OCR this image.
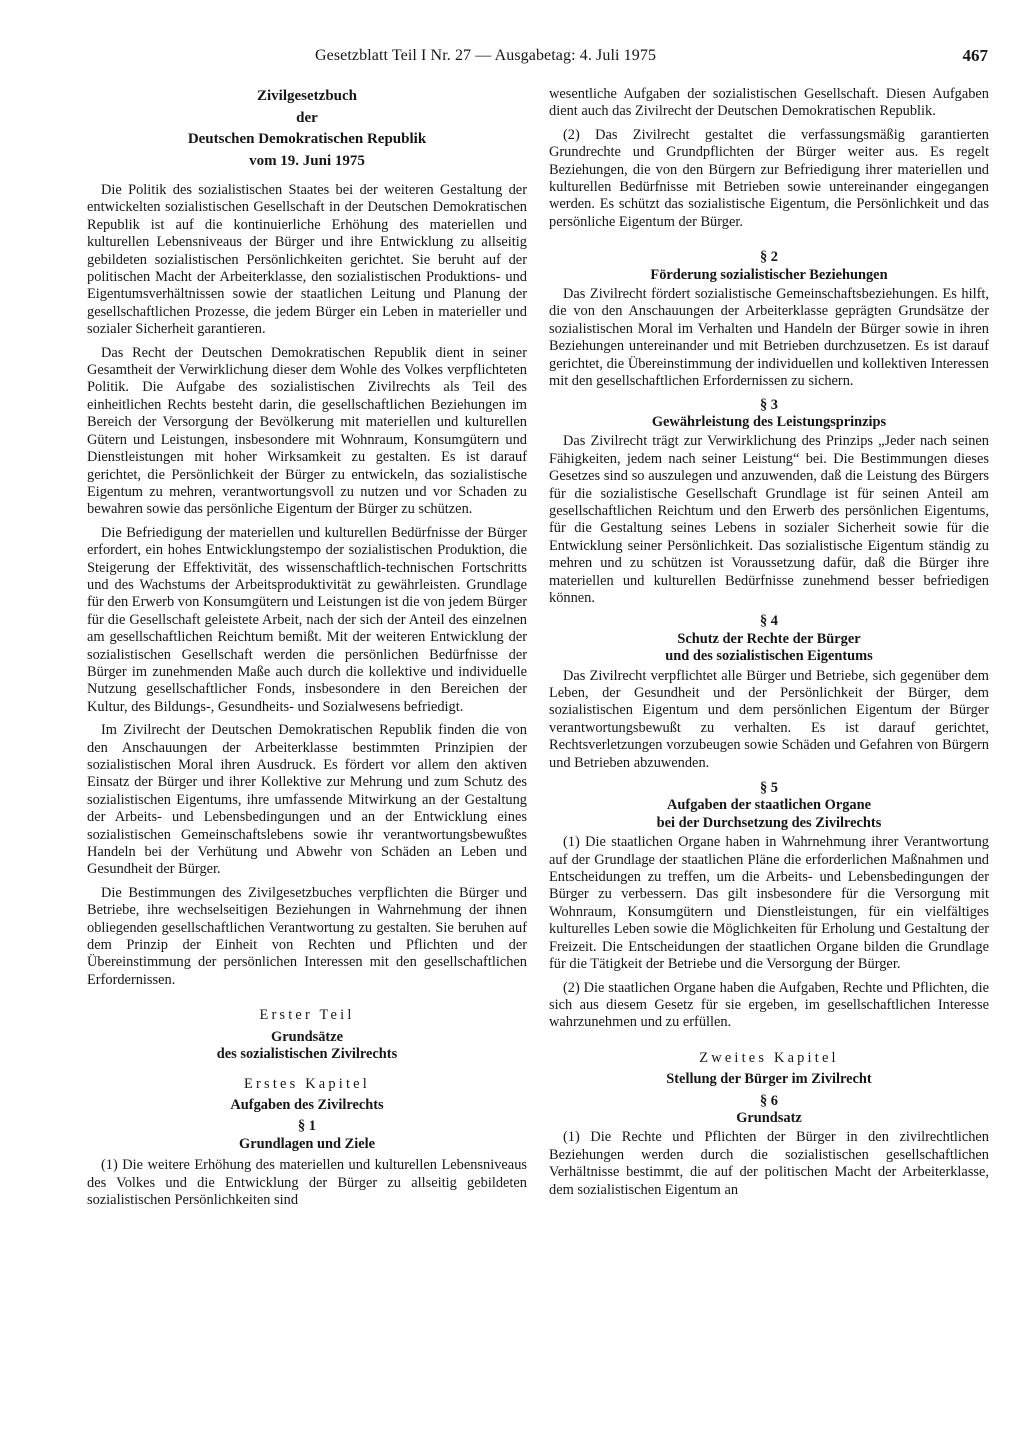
Gesetzblatt Teil I Nr. 27 — Ausgabetag: 4. Juli 1975	467
Zivilgesetzbuch
der
Deutschen Demokratischen Republik
vom 19. Juni 1975

Die Politik des sozialistischen Staates bei der weiteren Gestaltung der entwickelten sozialistischen Gesellschaft in der Deutschen Demokratischen Republik ist auf die kontinuierliche Erhöhung des materiellen und kulturellen Lebensniveaus der Bürger und ihre Entwicklung zu allseitig gebildeten sozialistischen Persönlichkeiten gerichtet. Sie beruht auf der politischen Macht der Arbeiterklasse, den sozialistischen Produktions- und Eigentumsverhältnissen sowie der staatlichen Leitung und Planung der gesellschaftlichen Prozesse, die jedem Bürger ein Leben in materieller und sozialer Sicherheit garantieren.

Das Recht der Deutschen Demokratischen Republik dient in seiner Gesamtheit der Verwirklichung dieser dem Wohle des Volkes verpflichteten Politik. Die Aufgabe des sozialistischen Zivilrechts als Teil des einheitlichen Rechts besteht darin, die gesellschaftlichen Beziehungen im Bereich der Versorgung der Bevölkerung mit materiellen und kulturellen Gütern und Leistungen, insbesondere mit Wohnraum, Konsumgütern und Dienstleistungen mit hoher Wirksamkeit zu gestalten. Es ist darauf gerichtet, die Persönlichkeit der Bürger zu entwickeln, das sozialistische Eigentum zu mehren, verantwortungsvoll zu nutzen und vor Schaden zu bewahren sowie das persönliche Eigentum der Bürger zu schützen.

Die Befriedigung der materiellen und kulturellen Bedürfnisse der Bürger erfordert, ein hohes Entwicklungstempo der sozialistischen Produktion, die Steigerung der Effektivität, des wissenschaftlich-technischen Fortschritts und des Wachstums der Arbeitsproduktivität zu gewährleisten. Grundlage für den Erwerb von Konsumgütern und Leistungen ist die von jedem Bürger für die Gesellschaft geleistete Arbeit, nach der sich der Anteil des einzelnen am gesellschaftlichen Reichtum bemißt. Mit der weiteren Entwicklung der sozialistischen Gesellschaft werden die persönlichen Bedürfnisse der Bürger im zunehmenden Maße auch durch die kollektive und individuelle Nutzung gesellschaftlicher Fonds, insbesondere in den Bereichen der Kultur, des Bildungs-, Gesundheits- und Sozialwesens befriedigt.

Im Zivilrecht der Deutschen Demokratischen Republik finden die von den Anschauungen der Arbeiterklasse bestimmten Prinzipien der sozialistischen Moral ihren Ausdruck. Es fördert vor allem den aktiven Einsatz der Bürger und ihrer Kollektive zur Mehrung und zum Schutz des sozialistischen Eigentums, ihre umfassende Mitwirkung an der Gestaltung der Arbeits- und Lebensbedingungen und an der Entwicklung eines sozialistischen Gemeinschaftslebens sowie ihr verantwortungsbewußtes Handeln bei der Verhütung und Abwehr von Schäden an Leben und Gesundheit der Bürger.

Die Bestimmungen des Zivilgesetzbuches verpflichten die Bürger und Betriebe, ihre wechselseitigen Beziehungen in Wahrnehmung der ihnen obliegenden gesellschaftlichen Verantwortung zu gestalten. Sie beruhen auf dem Prinzip der Einheit von Rechten und Pflichten und der Übereinstimmung der persönlichen Interessen mit den gesellschaftlichen Erfordernissen.

Erster Teil
Grundsätze
des sozialistischen Zivilrechts
Erstes Kapitel
Aufgaben des Zivilrechts
§ 1
Grundlagen und Ziele

(1) Die weitere Erhöhung des materiellen und kulturellen Lebensniveaus des Volkes und die Entwicklung der Bürger zu allseitig gebildeten sozialistischen Persönlichkeiten sind

wesentliche Aufgaben der sozialistischen Gesellschaft. Diesen Aufgaben dient auch das Zivilrecht der Deutschen Demokratischen Republik.

(2) Das Zivilrecht gestaltet die verfassungsmäßig garantierten Grundrechte und Grundpflichten der Bürger weiter aus. Es regelt Beziehungen, die von den Bürgern zur Befriedigung ihrer materiellen und kulturellen Bedürfnisse mit Betrieben sowie untereinander eingegangen werden. Es schützt das sozialistische Eigentum, die Persönlichkeit und das persönliche Eigentum der Bürger.

§ 2
Förderung sozialistischer Beziehungen

Das Zivilrecht fördert sozialistische Gemeinschaftsbeziehungen. Es hilft, die von den Anschauungen der Arbeiterklasse geprägten Grundsätze der sozialistischen Moral im Verhalten und Handeln der Bürger sowie in ihren Beziehungen untereinander und mit Betrieben durchzusetzen. Es ist darauf gerichtet, die Übereinstimmung der individuellen und kollektiven Interessen mit den gesellschaftlichen Erfordernissen zu sichern.

§ 3
Gewährleistung des Leistungsprinzips

Das Zivilrecht trägt zur Verwirklichung des Prinzips „Jeder nach seinen Fähigkeiten, jedem nach seiner Leistung“ bei. Die Bestimmungen dieses Gesetzes sind so auszulegen und anzuwenden, daß die Leistung des Bürgers für die sozialistische Gesellschaft Grundlage ist für seinen Anteil am gesellschaftlichen Reichtum und den Erwerb des persönlichen Eigentums, für die Gestaltung seines Lebens in sozialer Sicherheit sowie für die Entwicklung seiner Persönlichkeit. Das sozialistische Eigentum ständig zu mehren und zu schützen ist Voraussetzung dafür, daß die Bürger ihre materiellen und kulturellen Bedürfnisse zunehmend besser befriedigen können.

§ 4
Schutz der Rechte der Bürger
und des sozialistischen Eigentums

Das Zivilrecht verpflichtet alle Bürger und Betriebe, sich gegenüber dem Leben, der Gesundheit und der Persönlichkeit der Bürger, dem sozialistischen Eigentum und dem persönlichen Eigentum der Bürger verantwortungsbewußt zu verhalten. Es ist darauf gerichtet, Rechtsverletzungen vorzubeugen sowie Schäden und Gefahren von Bürgern und Betrieben abzuwenden.

§ 5
Aufgaben der staatlichen Organe
bei der Durchsetzung des Zivilrechts

(1) Die staatlichen Organe haben in Wahrnehmung ihrer Verantwortung auf der Grundlage der staatlichen Pläne die erforderlichen Maßnahmen und Entscheidungen zu treffen, um die Arbeits- und Lebensbedingungen der Bürger zu verbessern. Das gilt insbesondere für die Versorgung mit Wohnraum, Konsumgütern und Dienstleistungen, für ein vielfältiges kulturelles Leben sowie die Möglichkeiten für Erholung und Gestaltung der Freizeit. Die Entscheidungen der staatlichen Organe bilden die Grundlage für die Tätigkeit der Betriebe und die Versorgung der Bürger.

(2) Die staatlichen Organe haben die Aufgaben, Rechte und Pflichten, die sich aus diesem Gesetz für sie ergeben, im gesellschaftlichen Interesse wahrzunehmen und zu erfüllen.

Zweites Kapitel
Stellung der Bürger im Zivilrecht
§ 6
Grundsatz

(1) Die Rechte und Pflichten der Bürger in den zivilrechtlichen Beziehungen werden durch die sozialistischen gesellschaftlichen Verhältnisse bestimmt, die auf der politischen Macht der Arbeiterklasse, dem sozialistischen Eigentum an
